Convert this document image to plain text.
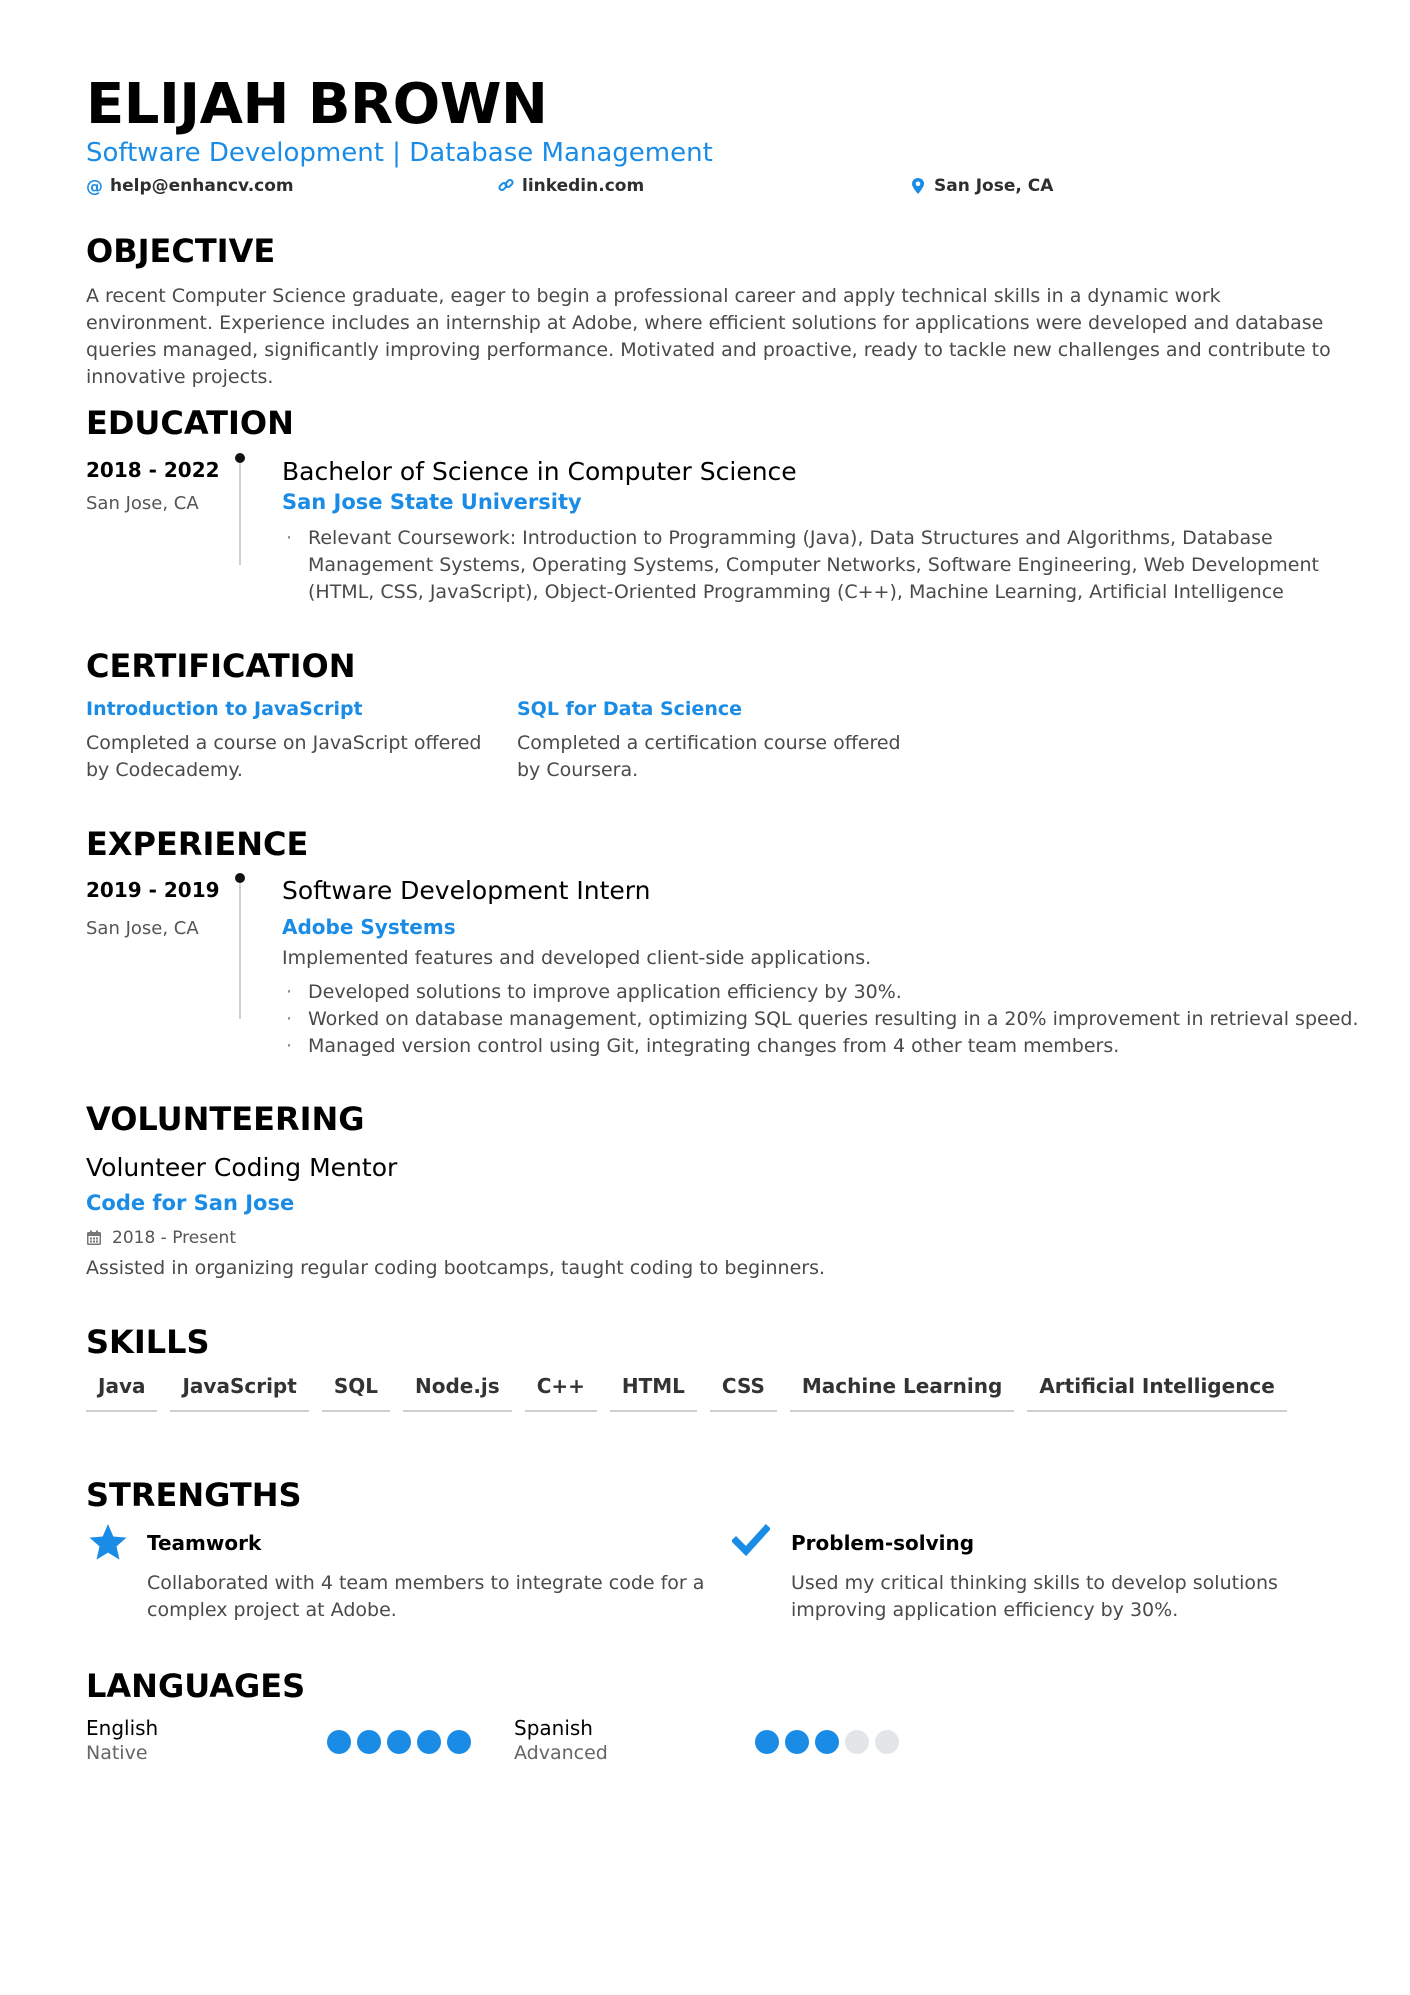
ELIJAH BROWN
Software Development | Database Management
@ help@enhancv.com	linkedin.com	San Jose, CA
OBJECTIVE
A recent Computer Science graduate, eager to begin a professional career and apply technical skills in a dynamic work environment. Experience includes an internship at Adobe, where efficient solutions for applications were developed and database queries managed, significantly improving performance. Motivated and proactive, ready to tackle new challenges and contribute to innovative projects.
EDUCATION
2018 - 2022
San Jose, CA
Bachelor of Science in Computer Science
San Jose State University
· Relevant Coursework: Introduction to Programming (Java), Data Structures and Algorithms, Database Management Systems, Operating Systems, Computer Networks, Software Engineering, Web Development (HTML, CSS, JavaScript), Object-Oriented Programming (C++), Machine Learning, Artificial Intelligence
CERTIFICATION
Introduction to JavaScript
Completed a course on JavaScript offered by Codecademy.
SQL for Data Science
Completed a certification course offered by Coursera.
EXPERIENCE
2019 - 2019
San Jose, CA
Software Development Intern
Adobe Systems
Implemented features and developed client-side applications.
· Developed solutions to improve application efficiency by 30%.
· Worked on database management, optimizing SQL queries resulting in a 20% improvement in retrieval speed.
· Managed version control using Git, integrating changes from 4 other team members.
VOLUNTEERING
Volunteer Coding Mentor
Code for San Jose
2018 - Present
Assisted in organizing regular coding bootcamps, taught coding to beginners.
SKILLS
Java	JavaScript	SQL	Node.js	C++	HTML	CSS	Machine Learning	Artificial Intelligence
STRENGTHS
Teamwork
Collaborated with 4 team members to integrate code for a complex project at Adobe.
Problem-solving
Used my critical thinking skills to develop solutions improving application efficiency by 30%.
LANGUAGES
English
Native
Spanish
Advanced
